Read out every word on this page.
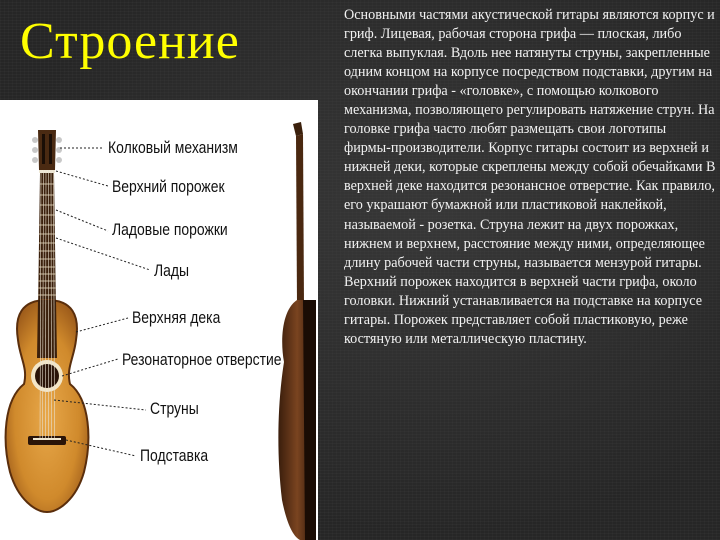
Строение
Колковый механизм
Верхний порожек
Ладовые порожки
Лады
Верхняя дека
Резонаторное отверстие
Струны
Подставка

Основными частями акустической гитары являются корпус и гриф. Лицевая, рабочая сторона грифа — плоская, либо слегка выпуклая. Вдоль нее натянуты струны, закрепленные одним концом на корпусе посредством подставки, другим на окончании грифа - «головке», с помощью колкового механизма, позволяющего регулировать натяжение струн. На головке грифа часто любят размещать свои логотипы фирмы-производители. Корпус гитары состоит из верхней и нижней деки, которые скреплены между собой обечайками В верхней деке находится резонансное отверстие. Как правило, его украшают бумажной или пластиковой наклейкой, называемой - розетка. Струна лежит на двух порожках, нижнем и верхнем, расстояние между ними, определяющее длину рабочей части струны, называется мензурой гитары. Верхний порожек находится в верхней части грифа, около головки. Нижний устанавливается на подставке на корпусе гитары. Порожек представляет собой пластиковую, реже костяную или металлическую пластину.
